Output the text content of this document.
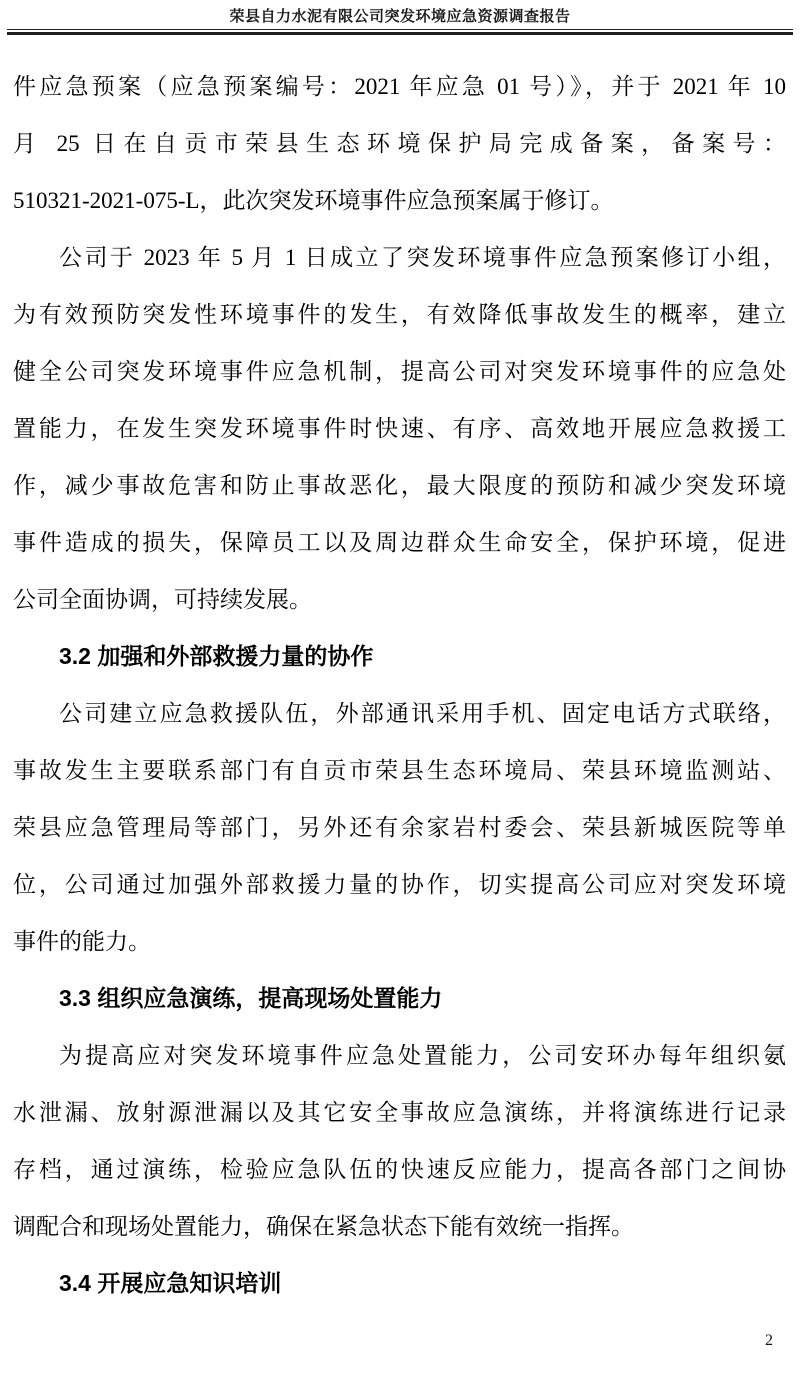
荣县自力水泥有限公司突发环境应急资源调查报告
件应急预案（应急预案编号：2021 年应急 01 号）》，并于 2021 年 10
月 25 日在自贡市荣县生态环境保护局完成备案，备案号：
510321-2021-075-L，此次突发环境事件应急预案属于修订。
公司于 2023 年 5 月 1 日成立了突发环境事件应急预案修订小组，
为有效预防突发性环境事件的发生，有效降低事故发生的概率，建立
健全公司突发环境事件应急机制，提高公司对突发环境事件的应急处
置能力，在发生突发环境事件时快速、有序、高效地开展应急救援工
作，减少事故危害和防止事故恶化，最大限度的预防和减少突发环境
事件造成的损失，保障员工以及周边群众生命安全，保护环境，促进
公司全面协调，可持续发展。
3.2 加强和外部救援力量的协作
公司建立应急救援队伍，外部通讯采用手机、固定电话方式联络，
事故发生主要联系部门有自贡市荣县生态环境局、荣县环境监测站、
荣县应急管理局等部门，另外还有余家岩村委会、荣县新城医院等单
位，公司通过加强外部救援力量的协作，切实提高公司应对突发环境
事件的能力。
3.3 组织应急演练，提高现场处置能力
为提高应对突发环境事件应急处置能力，公司安环办每年组织氨
水泄漏、放射源泄漏以及其它安全事故应急演练，并将演练进行记录
存档，通过演练，检验应急队伍的快速反应能力，提高各部门之间协
调配合和现场处置能力，确保在紧急状态下能有效统一指挥。
3.4 开展应急知识培训
2
